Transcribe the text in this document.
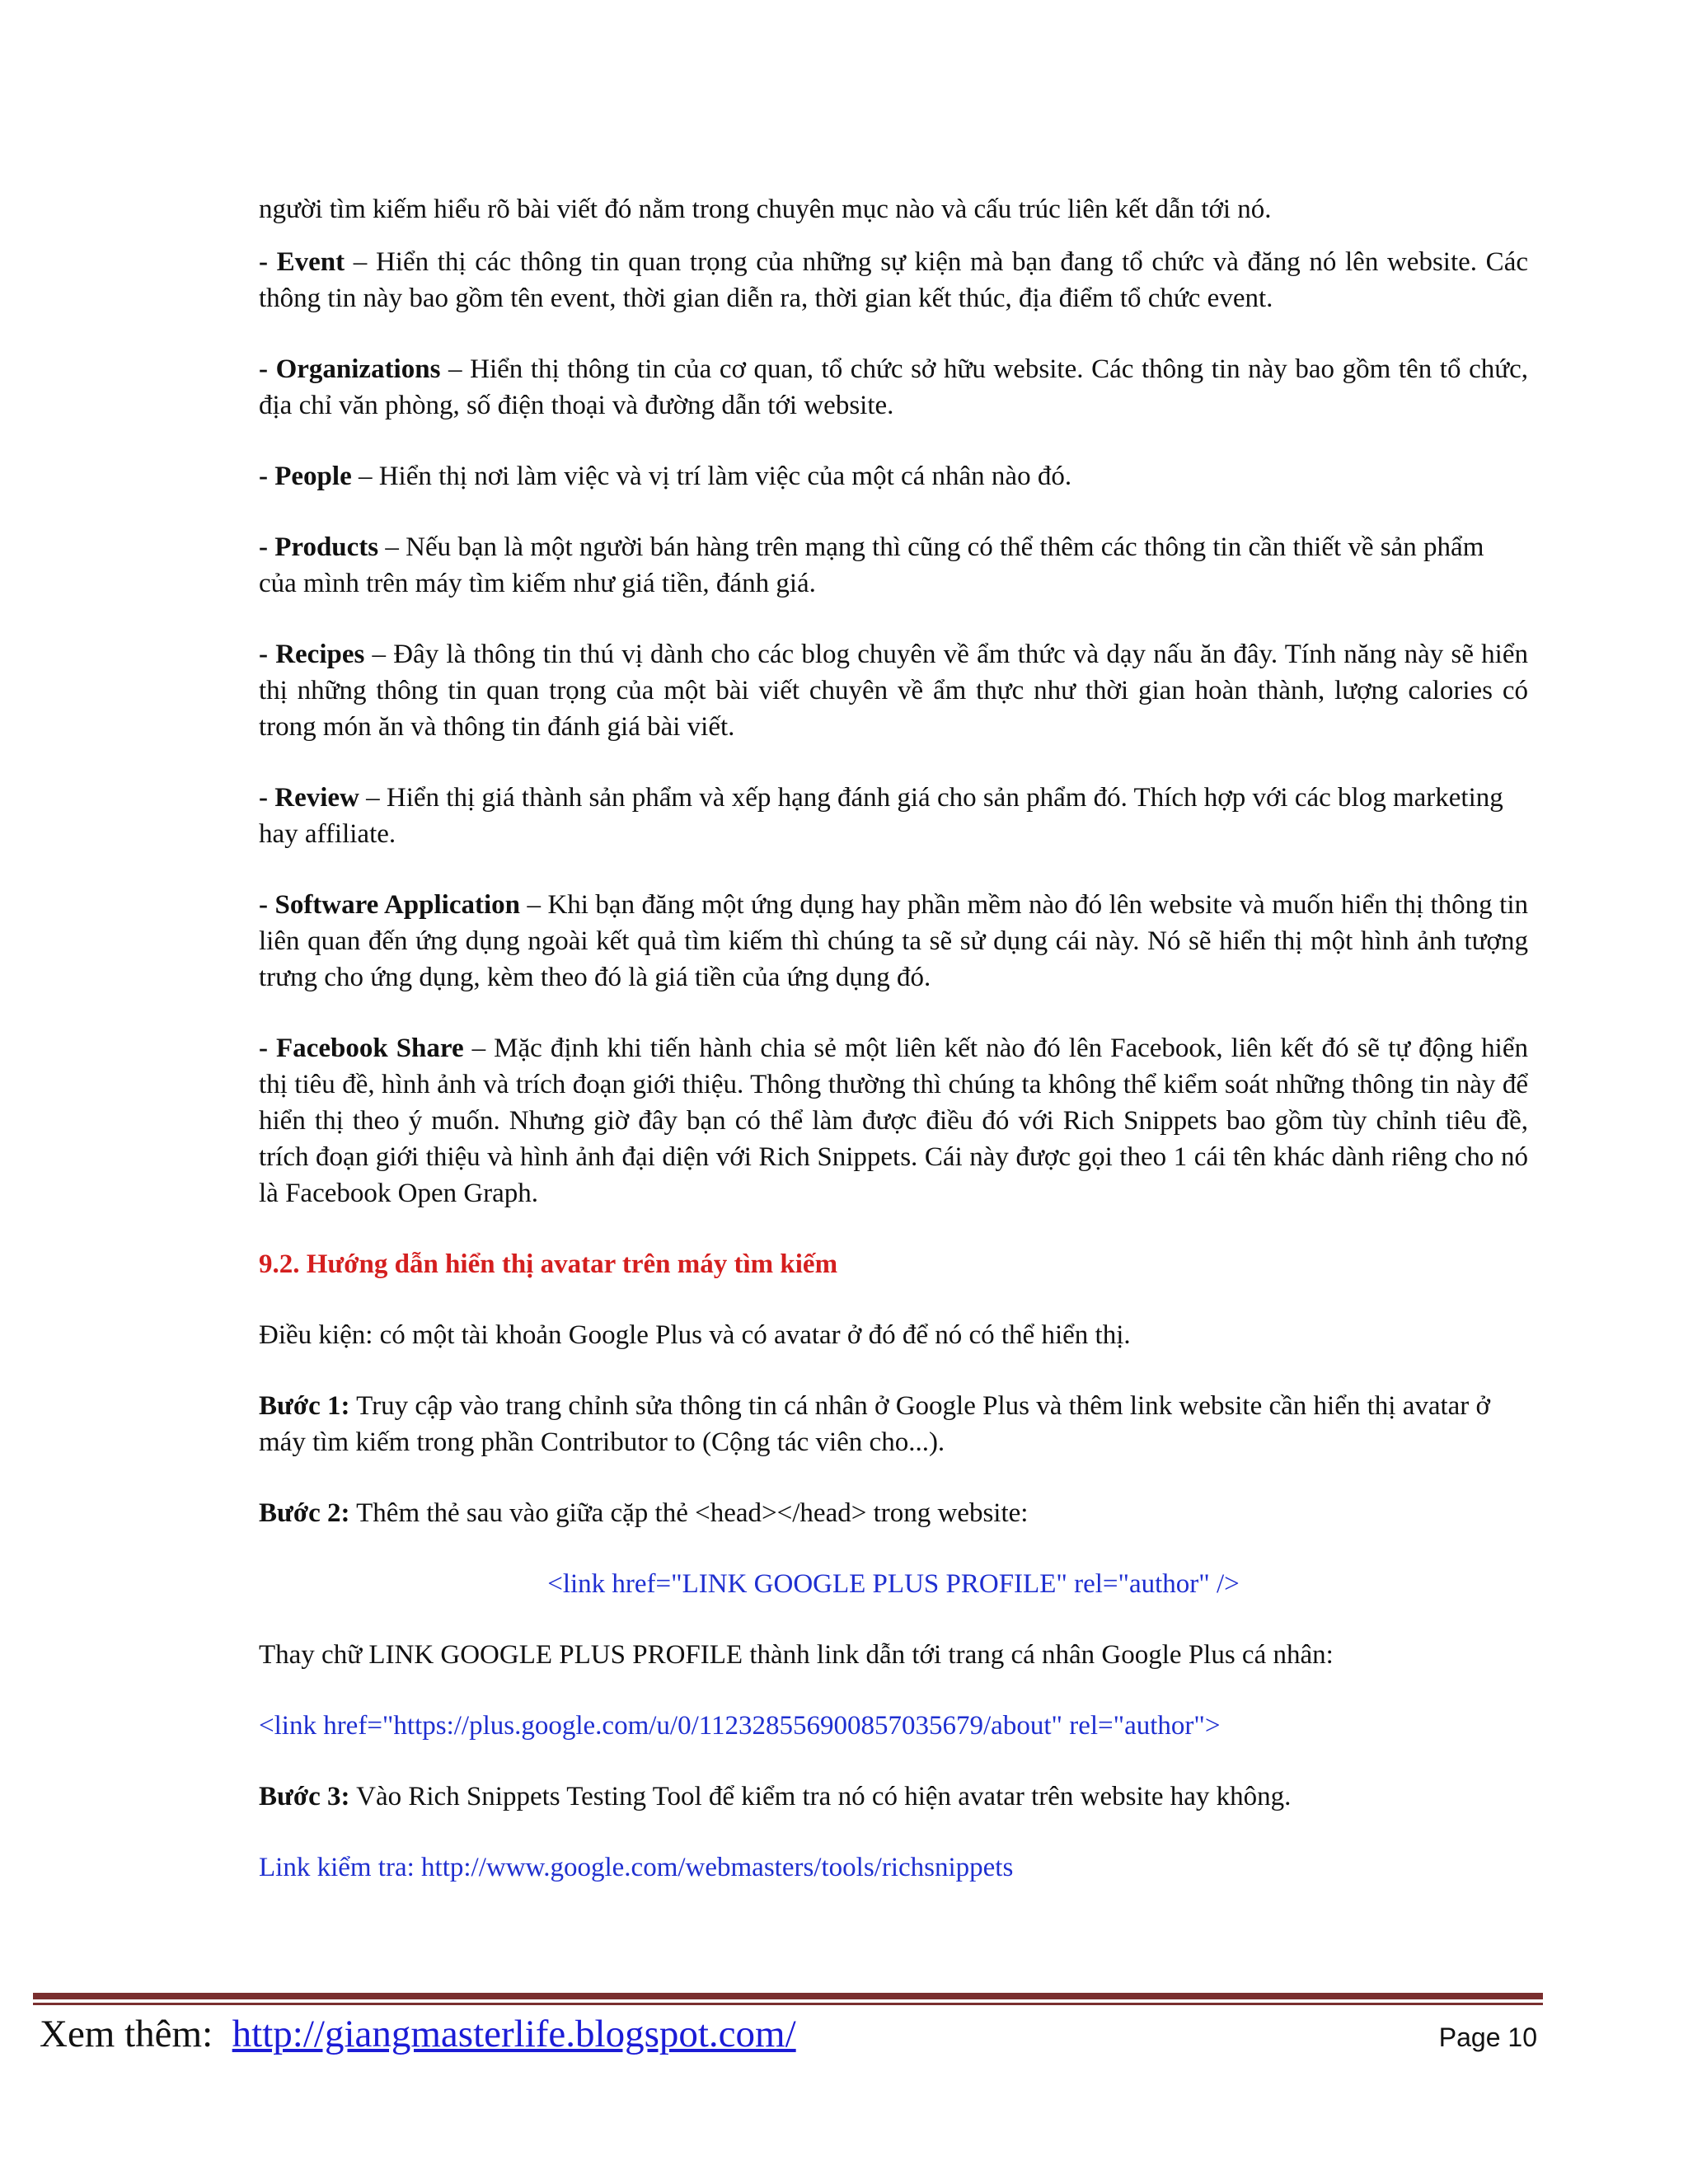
người tìm kiếm hiểu rõ bài viết đó nằm trong chuyên mục nào và cấu trúc liên kết dẫn tới nó.

- Event – Hiển thị các thông tin quan trọng của những sự kiện mà bạn đang tổ chức và đăng nó lên website. Các thông tin này bao gồm tên event, thời gian diễn ra, thời gian kết thúc, địa điểm tổ chức event.

- Organizations – Hiển thị thông tin của cơ quan, tổ chức sở hữu website. Các thông tin này bao gồm tên tổ chức, địa chỉ văn phòng, số điện thoại và đường dẫn tới website.

- People – Hiển thị nơi làm việc và vị trí làm việc của một cá nhân nào đó.

- Products – Nếu bạn là một người bán hàng trên mạng thì cũng có thể thêm các thông tin cần thiết về sản phẩm của mình trên máy tìm kiếm như giá tiền, đánh giá.

- Recipes – Đây là thông tin thú vị dành cho các blog chuyên về ẩm thức và dạy nấu ăn đây. Tính năng này sẽ hiển thị những thông tin quan trọng của một bài viết chuyên về ẩm thực như thời gian hoàn thành, lượng calories có trong món ăn và thông tin đánh giá bài viết.

- Review – Hiển thị giá thành sản phẩm và xếp hạng đánh giá cho sản phẩm đó. Thích hợp với các blog marketing hay affiliate.

- Software Application – Khi bạn đăng một ứng dụng hay phần mềm nào đó lên website và muốn hiển thị thông tin liên quan đến ứng dụng ngoài kết quả tìm kiếm thì chúng ta sẽ sử dụng cái này. Nó sẽ hiển thị một hình ảnh tượng trưng cho ứng dụng, kèm theo đó là giá tiền của ứng dụng đó.

- Facebook Share – Mặc định khi tiến hành chia sẻ một liên kết nào đó lên Facebook, liên kết đó sẽ tự động hiển thị tiêu đề, hình ảnh và trích đoạn giới thiệu. Thông thường thì chúng ta không thể kiểm soát những thông tin này để hiển thị theo ý muốn. Nhưng giờ đây bạn có thể làm được điều đó với Rich Snippets bao gồm tùy chỉnh tiêu đề, trích đoạn giới thiệu và hình ảnh đại diện với Rich Snippets. Cái này được gọi theo 1 cái tên khác dành riêng cho nó là Facebook Open Graph.

9.2. Hướng dẫn hiển thị avatar trên máy tìm kiếm

Điều kiện: có một tài khoản Google Plus và có avatar ở đó để nó có thể hiển thị.

Bước 1: Truy cập vào trang chỉnh sửa thông tin cá nhân ở Google Plus và thêm link website cần hiển thị avatar ở máy tìm kiếm trong phần Contributor to (Cộng tác viên cho...).

Bước 2: Thêm thẻ sau vào giữa cặp thẻ <head></head> trong website:

<link href="LINK GOOGLE PLUS PROFILE" rel="author" />

Thay chữ LINK GOOGLE PLUS PROFILE thành link dẫn tới trang cá nhân Google Plus cá nhân:

<link href="https://plus.google.com/u/0/112328556900857035679/about" rel="author">

Bước 3: Vào Rich Snippets Testing Tool để kiểm tra nó có hiện avatar trên website hay không.

Link kiểm tra: http://www.google.com/webmasters/tools/richsnippets

Xem thêm: http://giangmasterlife.blogspot.com/	Page 10
